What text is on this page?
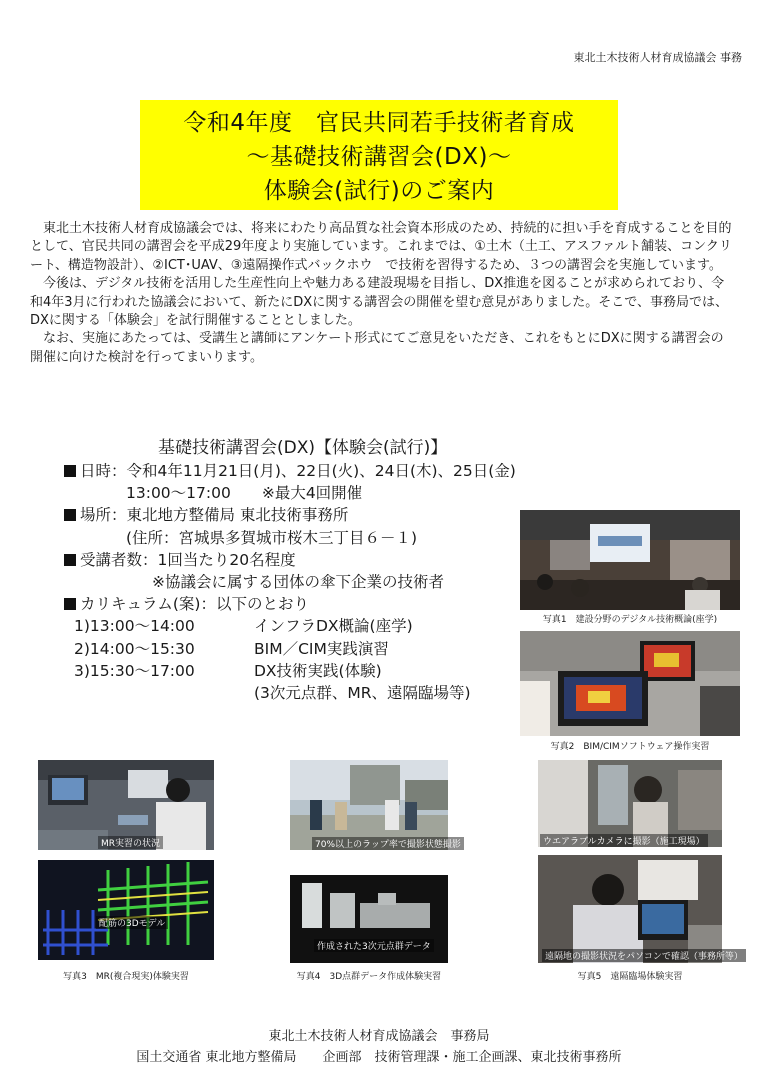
東北土木技術人材育成協議会 事務
令和4年度　官民共同若手技術者育成
～基礎技術講習会(DX)～
体験会(試行)のご案内

東北土木技術人材育成協議会では、将来にわたり高品質な社会資本形成のため、持続的に担い手を育成することを目的として、官民共同の講習会を平成29年度より実施しています。これまでは、①土木（土工、アスファルト舗装、コンクリート、構造物設計）、②ICT･UAV、③遠隔操作式バックホウ　で技術を習得するため、３つの講習会を実施しています。

今後は、デジタル技術を活用した生産性向上や魅力ある建設現場を目指し、DX推進を図ることが求められており、令和4年3月に行われた協議会において、新たにDXに関する講習会の開催を望む意見がありました。そこで、事務局では、DXに関する「体験会」を試行開催することとしました。

なお、実施にあたっては、受講生と講師にアンケート形式にてご意見をいただき、これをもとにDXに関する講習会の開催に向けた検討を行ってまいります。

基礎技術講習会(DX)【体験会(試行)】
日時：令和4年11月21日(月)、22日(火)、24日(木)、25日(金)
13:00～17:00　　※最大4回開催
場所：東北地方整備局 東北技術事務所
(住所：宮城県多賀城市桜木三丁目６－１)
受講者数：1回当たり20名程度
※協議会に属する団体の傘下企業の技術者
カリキュラム(案)：以下のとおり
1)13:00～14:00	インフラDX概論(座学)
2)14:00～15:30	BIM／CIM実践演習
3)15:30～17:00	DX技術実践(体験)
(3次元点群、MR、遠隔臨場等)
写真1　建設分野のデジタル技術概論(座学)
写真2　BIM/CIMソフトウェア操作実習
MR実習の状況
配筋の3Dモデル
写真3　MR(複合現実)体験実習
70%以上のラップ率で撮影状態撮影
作成された3次元点群データ
写真4　3D点群データ作成体験実習
ウエアラブルカメラに撮影（施工現場）
遠隔地の撮影状況をパソコンで確認（事務所等）
写真5　遠隔臨場体験実習
東北土木技術人材育成協議会　事務局
国土交通省 東北地方整備局　　企画部　技術管理課・施工企画課、東北技術事務所
